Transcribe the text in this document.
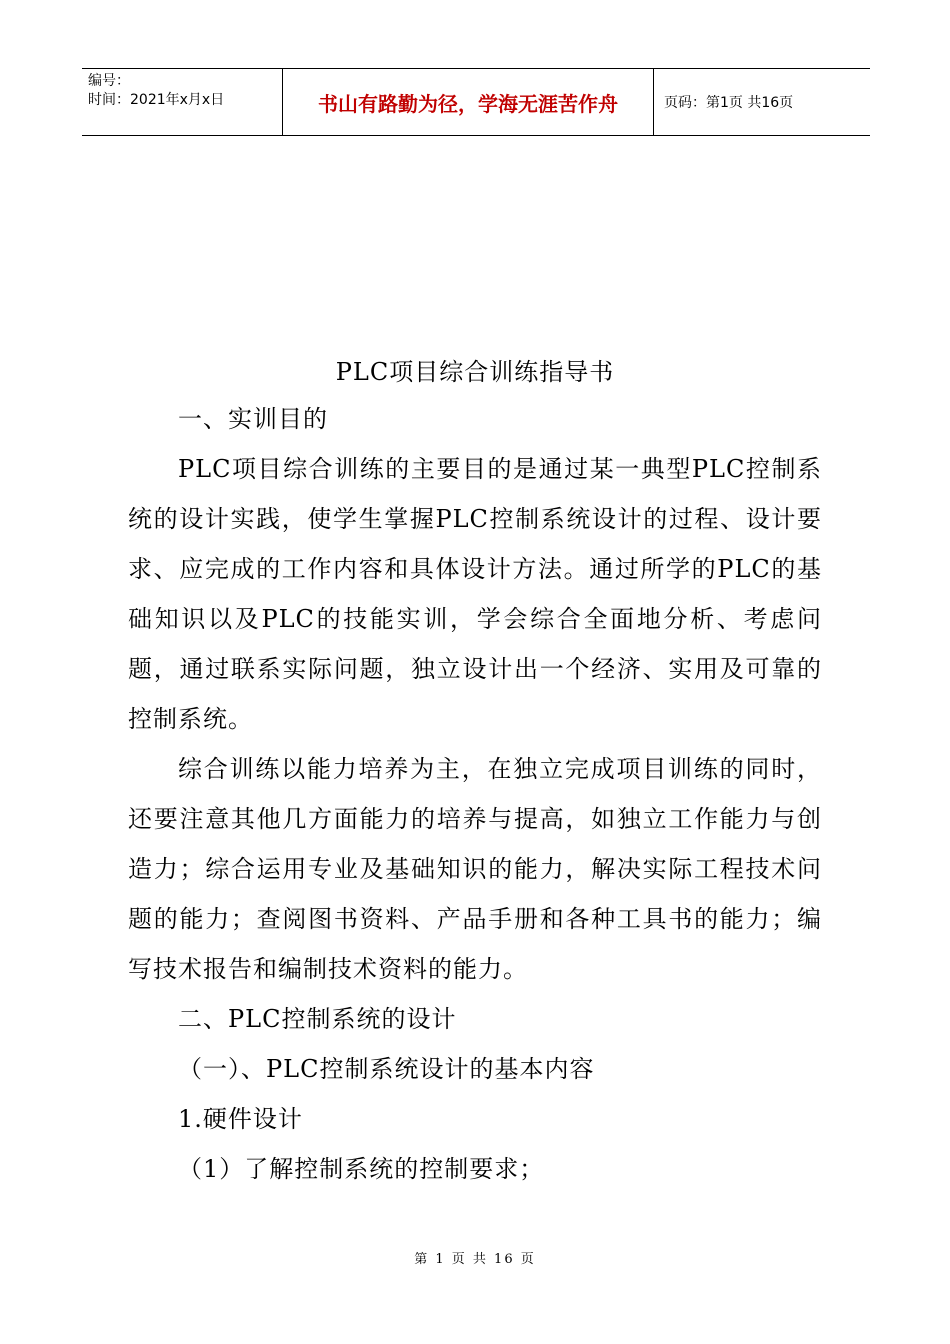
编号：
时间：2021年x月x日	书山有路勤为径，学海无涯苦作舟	页码：第1页 共16页
PLC项目综合训练指导书

一、实训目的

PLC项目综合训练的主要目的是通过某一典型PLC控制系统的设计实践，使学生掌握PLC控制系统设计的过程、设计要求、应完成的工作内容和具体设计方法。通过所学的PLC的基础知识以及PLC的技能实训，学会综合全面地分析、考虑问题，通过联系实际问题，独立设计出一个经济、实用及可靠的控制系统。

综合训练以能力培养为主，在独立完成项目训练的同时，还要注意其他几方面能力的培养与提高，如独立工作能力与创造力；综合运用专业及基础知识的能力，解决实际工程技术问题的能力；查阅图书资料、产品手册和各种工具书的能力；编写技术报告和编制技术资料的能力。

二、PLC控制系统的设计

（一）、PLC控制系统设计的基本内容

1.硬件设计

（1）了解控制系统的控制要求；

第 1 页 共 16 页
